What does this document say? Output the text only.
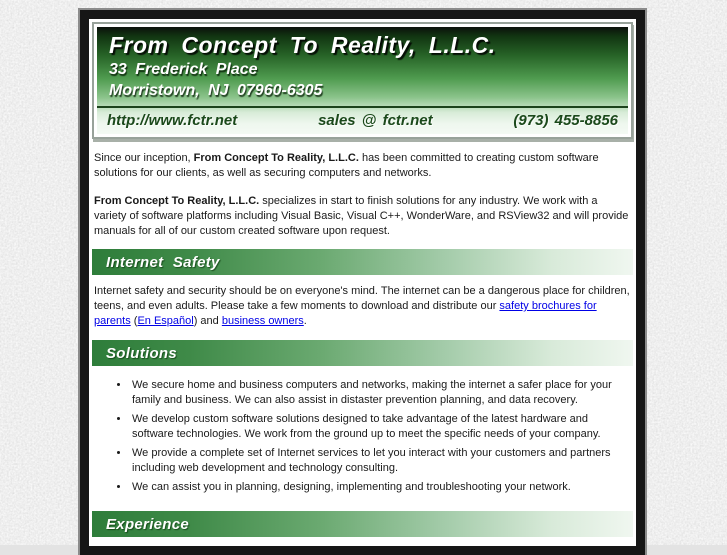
From Concept To Reality, L.L.C.
33 Frederick Place
Morristown, NJ 07960-6305
http://www.fctr.net	sales @ fctr.net	(973) 455-8856

Since our inception, From Concept To Reality, L.L.C. has been committed to creating custom software solutions for our clients, as well as securing computers and networks.

From Concept To Reality, L.L.C. specializes in start to finish solutions for any industry. We work with a variety of software platforms including Visual Basic, Visual C++, WonderWare, and RSView32 and will provide manuals for all of our custom created software upon request.

Internet Safety

Internet safety and security should be on everyone's mind. The internet can be a dangerous place for children, teens, and even adults. Please take a few moments to download and distribute our safety brochures for parents (En Español) and business owners.

Solutions
• We secure home and business computers and networks, making the internet a safer place for your family and business. We can also assist in distaster prevention planning, and data recovery.
• We develop custom software solutions designed to take advantage of the latest hardware and software technologies. We work from the ground up to meet the specific needs of your company.
• We provide a complete set of Internet services to let you interact with your customers and partners including web development and technology consulting.
• We can assist you in planning, designing, implementing and troubleshooting your network.
Experience
